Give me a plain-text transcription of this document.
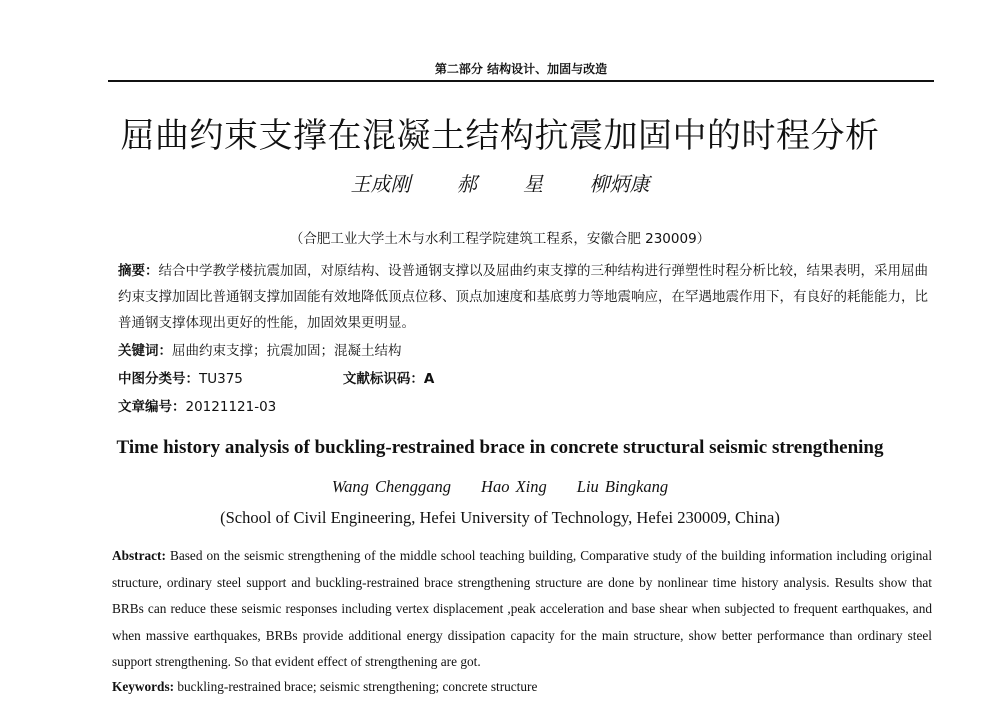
第二部分 结构设计、加固与改造
屈曲约束支撑在混凝土结构抗震加固中的时程分析
王成刚 郝 星 柳炳康
（合肥工业大学土木与水利工程学院建筑工程系，安徽合肥 230009）
摘要：结合中学教学楼抗震加固，对原结构、设普通钢支撑以及屈曲约束支撑的三种结构进行弹塑性时程分析比较，结果表明，采用屈曲约束支撑加固比普通钢支撑加固能有效地降低顶点位移、顶点加速度和基底剪力等地震响应，在罕遇地震作用下，有良好的耗能能力，比普通钢支撑体现出更好的性能，加固效果更明显。
关键词：屈曲约束支撑；抗震加固；混凝土结构
中图分类号：TU375	文献标识码：A
文章编号：20121121-03
Time history analysis of buckling-restrained brace in concrete structural seismic strengthening
Wang Chenggang Hao Xing Liu Bingkang
(School of Civil Engineering, Hefei University of Technology, Hefei 230009, China)
Abstract: Based on the seismic strengthening of the middle school teaching building, Comparative study of the building information including original structure, ordinary steel support and buckling-restrained brace strengthening structure are done by nonlinear time history analysis. Results show that BRBs can reduce these seismic responses including vertex displacement ,peak acceleration and base shear when subjected to frequent earthquakes, and when massive earthquakes, BRBs provide additional energy dissipation capacity for the main structure, show better performance than ordinary steel support strengthening. So that evident effect of strengthening are got.
Keywords: buckling-restrained brace; seismic strengthening; concrete structure
